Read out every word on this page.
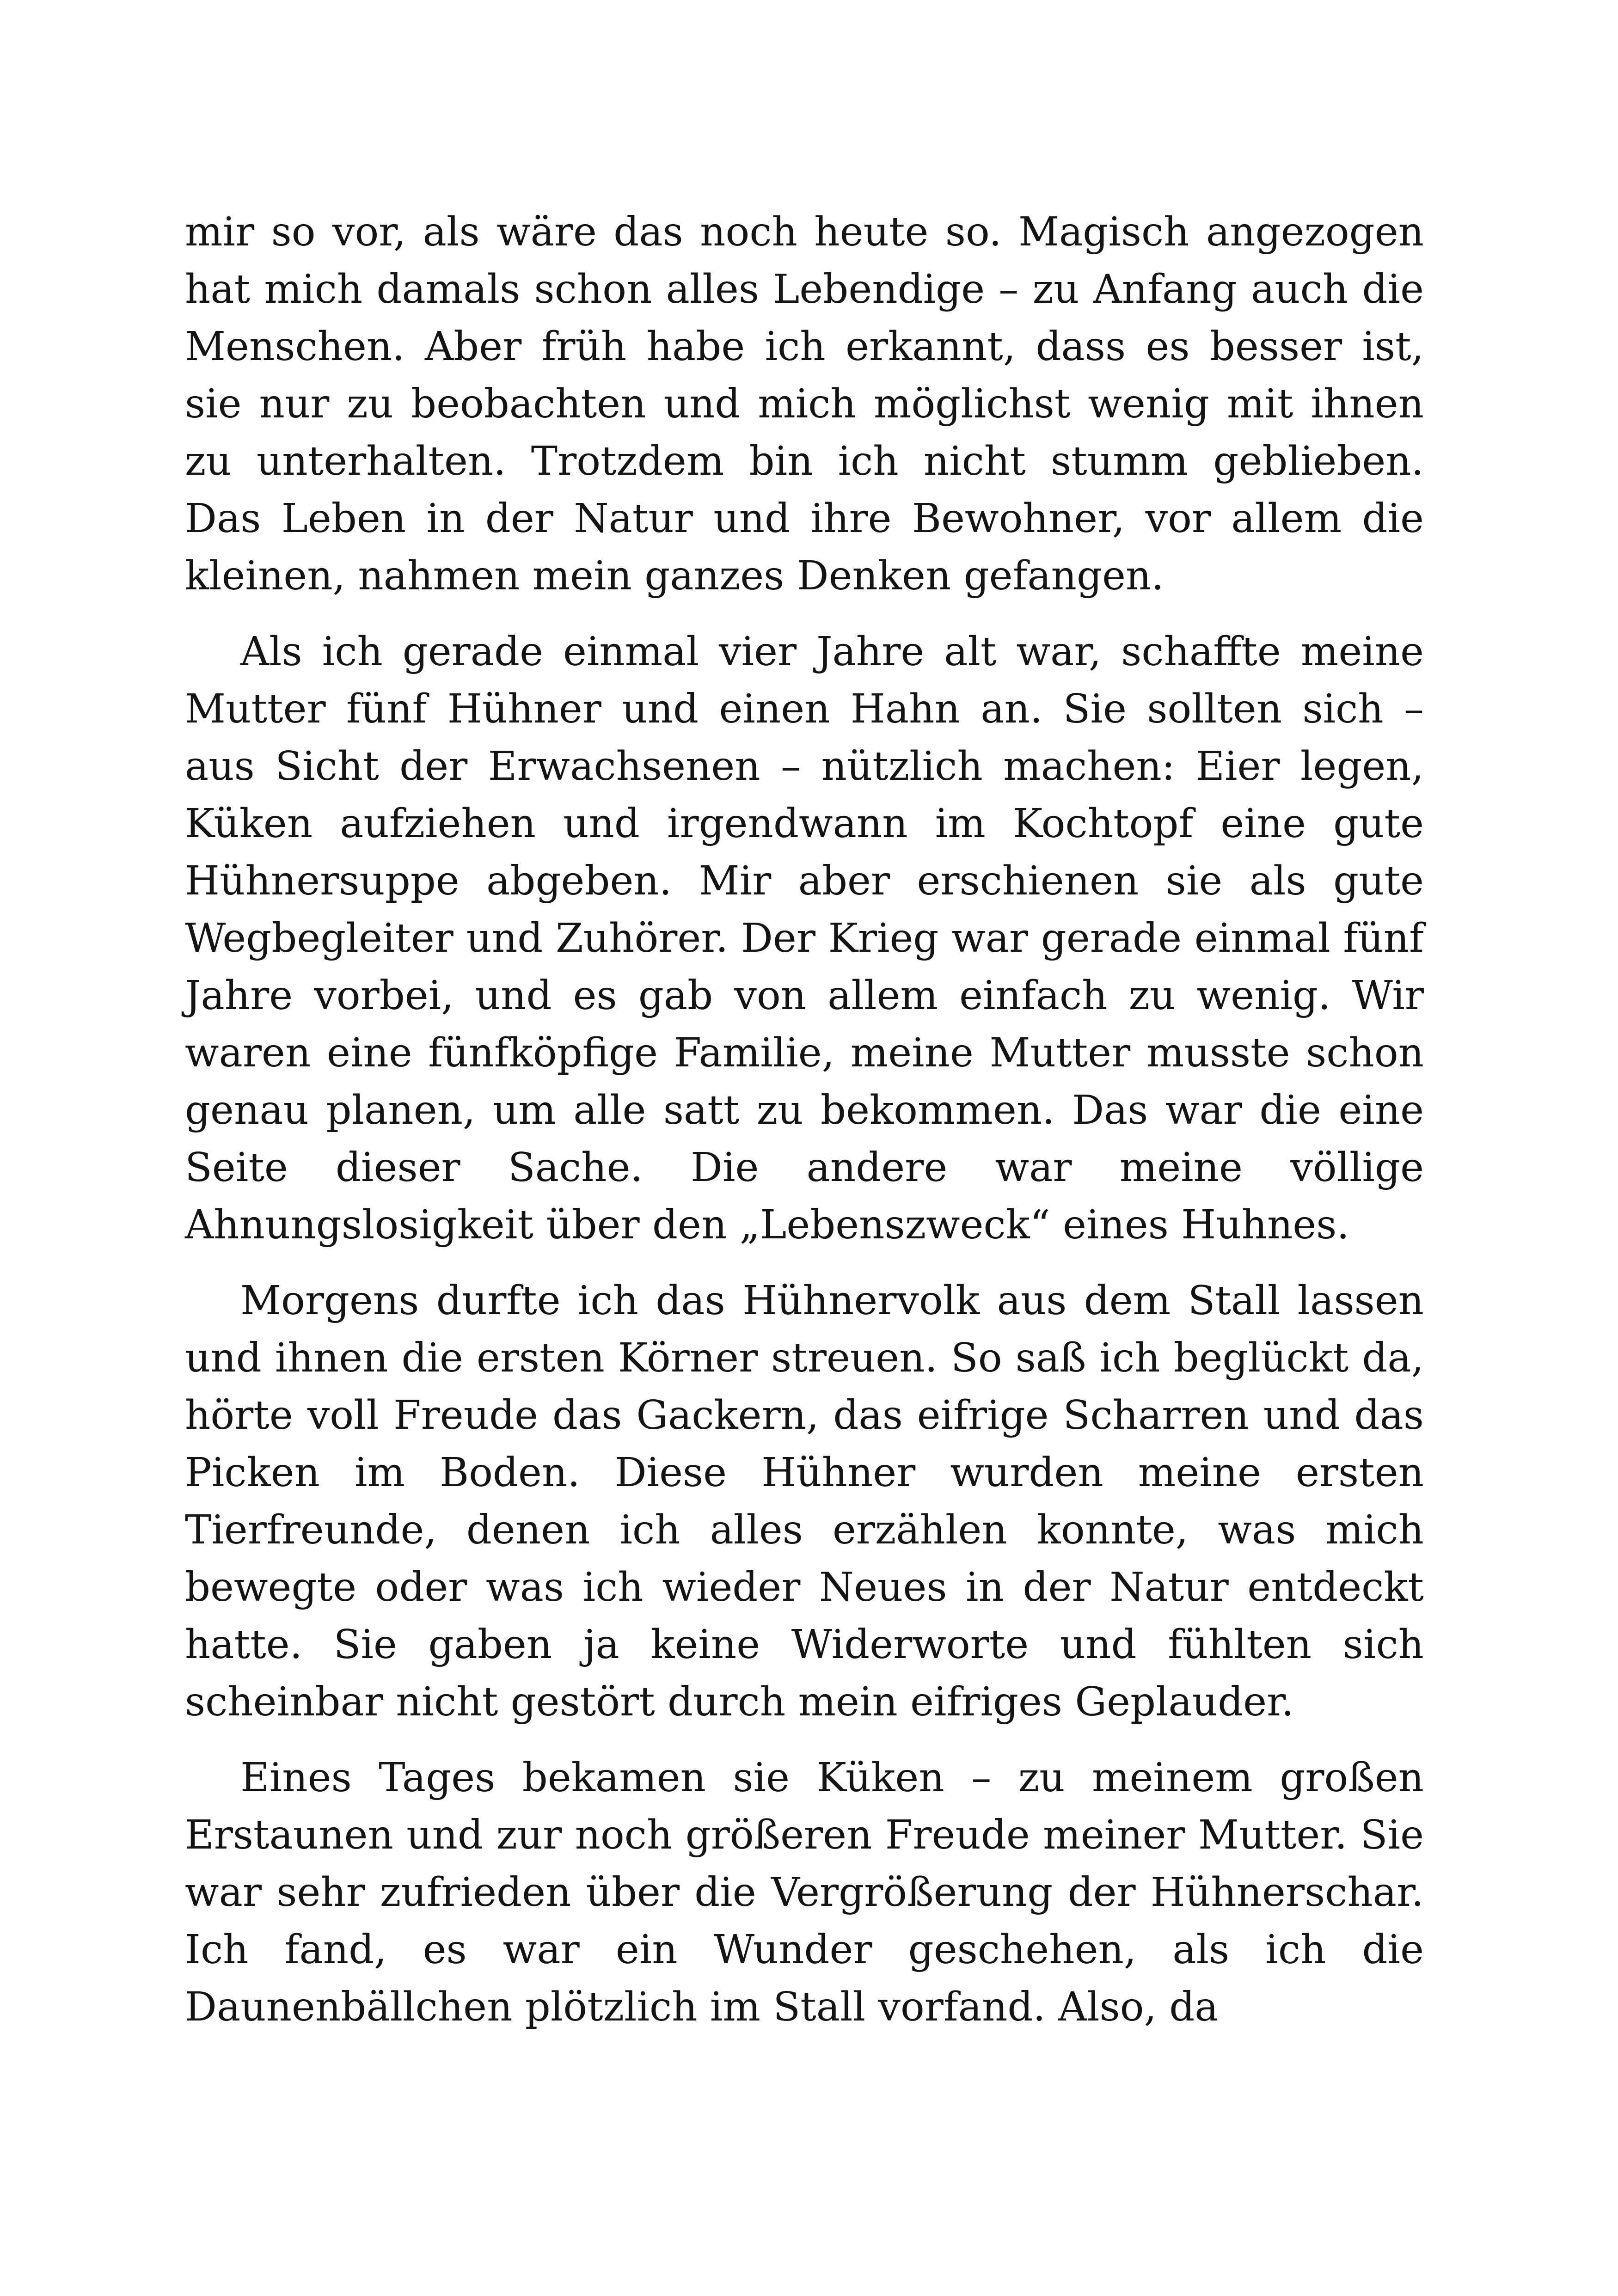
mir so vor, als wäre das noch heute so. Magisch angezogen hat mich damals schon alles Lebendige – zu Anfang auch die Menschen. Aber früh habe ich erkannt, dass es besser ist, sie nur zu beobachten und mich möglichst wenig mit ihnen zu unterhalten. Trotzdem bin ich nicht stumm geblieben. Das Leben in der Natur und ihre Bewohner, vor allem die kleinen, nahmen mein ganzes Denken gefangen.

Als ich gerade einmal vier Jahre alt war, schaffte meine Mutter fünf Hühner und einen Hahn an. Sie sollten sich – aus Sicht der Erwachsenen – nützlich machen: Eier legen, Küken aufziehen und irgendwann im Kochtopf eine gute Hühnersuppe abgeben. Mir aber erschienen sie als gute Wegbegleiter und Zuhörer. Der Krieg war gerade einmal fünf Jahre vorbei, und es gab von allem einfach zu wenig. Wir waren eine fünfköpfige Familie, meine Mutter musste schon genau planen, um alle satt zu bekommen. Das war die eine Seite dieser Sache. Die andere war meine völlige Ahnungslosigkeit über den „Lebenszweck“ eines Huhnes.

Morgens durfte ich das Hühnervolk aus dem Stall lassen und ihnen die ersten Körner streuen. So saß ich beglückt da, hörte voll Freude das Gackern, das eifrige Scharren und das Picken im Boden. Diese Hühner wurden meine ersten Tierfreunde, denen ich alles erzählen konnte, was mich bewegte oder was ich wieder Neues in der Natur entdeckt hatte. Sie gaben ja keine Widerworte und fühlten sich scheinbar nicht gestört durch mein eifriges Geplauder.

Eines Tages bekamen sie Küken – zu meinem großen Erstaunen und zur noch größeren Freude meiner Mutter. Sie war sehr zufrieden über die Vergrößerung der Hühnerschar. Ich fand, es war ein Wunder geschehen, als ich die Daunenbällchen plötzlich im Stall vorfand. Also, da
